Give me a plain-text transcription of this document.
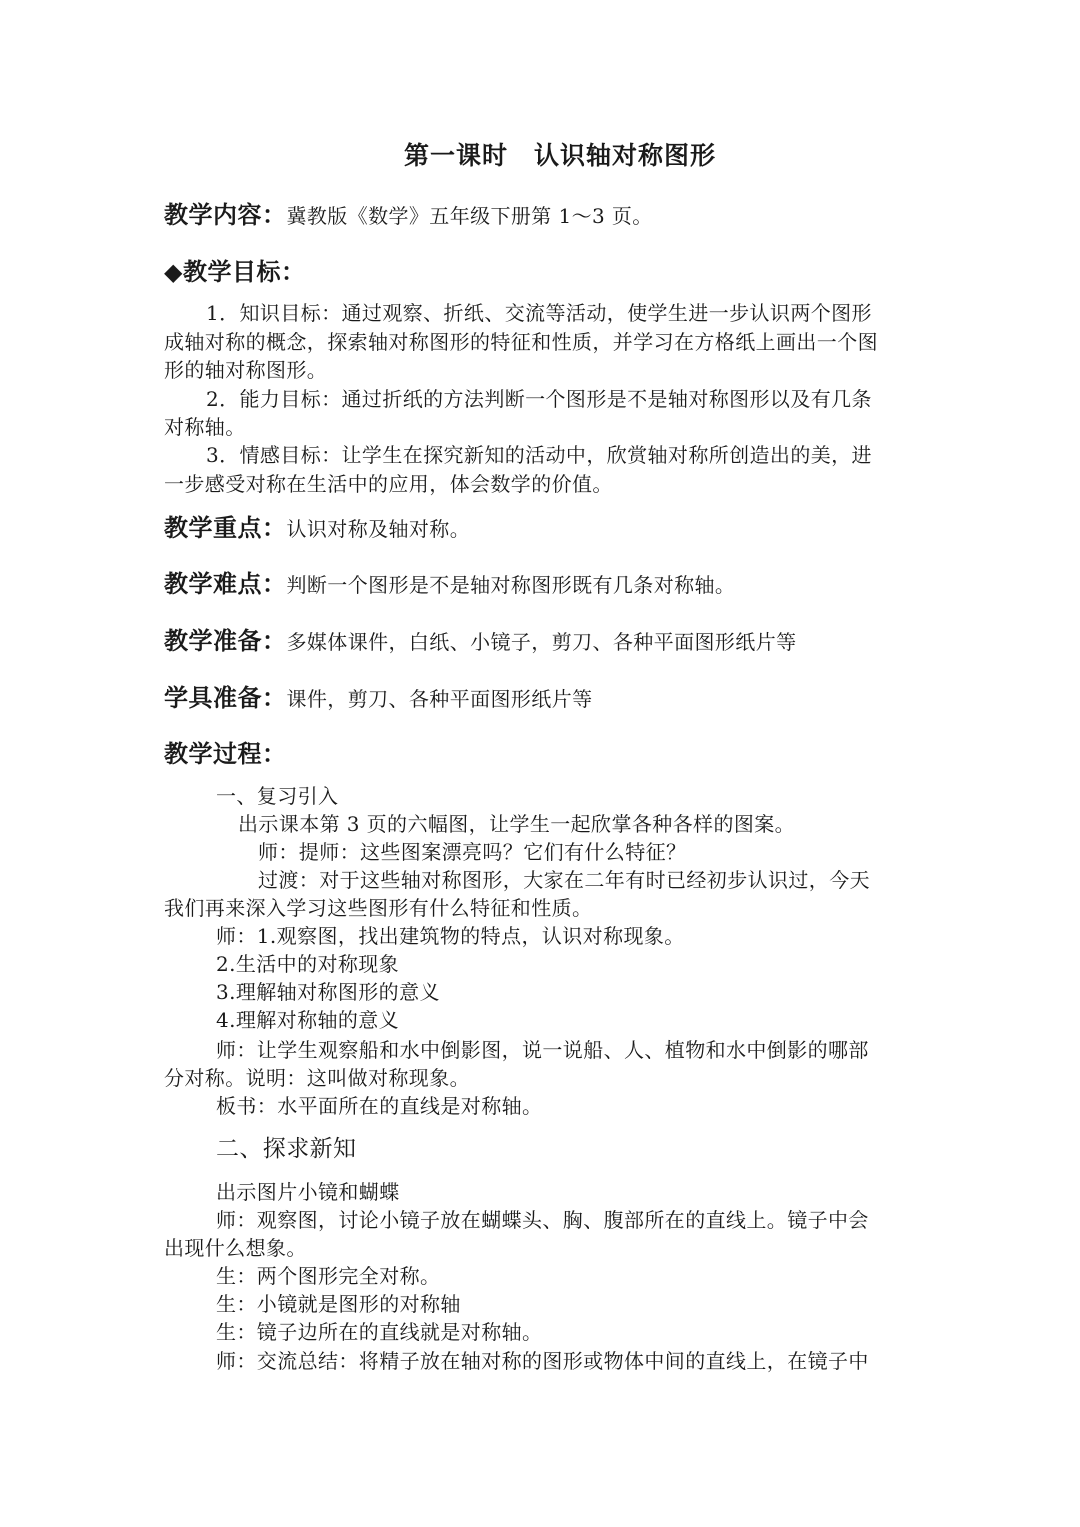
第一课时 认识轴对称图形
教学内容：冀教版《数学》五年级下册第 1～3 页。
◆教学目标：
1．知识目标：通过观察、折纸、交流等活动，使学生进一步认识两个图形
成轴对称的概念，探索轴对称图形的特征和性质，并学习在方格纸上画出一个图
形的轴对称图形。
2．能力目标：通过折纸的方法判断一个图形是不是轴对称图形以及有几条
对称轴。
3．情感目标：让学生在探究新知的活动中，欣赏轴对称所创造出的美，进
一步感受对称在生活中的应用，体会数学的价值。
教学重点：认识对称及轴对称。
教学难点：判断一个图形是不是轴对称图形既有几条对称轴。
教学准备：多媒体课件，白纸、小镜子，剪刀、各种平面图形纸片等
学具准备：课件，剪刀、各种平面图形纸片等
教学过程：
一、复习引入
出示课本第 3 页的六幅图，让学生一起欣掌各种各样的图案。
师：提师：这些图案漂亮吗？它们有什么特征？
过渡：对于这些轴对称图形，大家在二年有时已经初步认识过，今天
我们再来深入学习这些图形有什么特征和性质。
师：1.观察图，找出建筑物的特点，认识对称现象。
2.生活中的对称现象
3.理解轴对称图形的意义
4.理解对称轴的意义
师：让学生观察船和水中倒影图，说一说船、人、植物和水中倒影的哪部
分对称。说明：这叫做对称现象。
板书：水平面所在的直线是对称轴。
二、探求新知
出示图片小镜和蝴蝶
师：观察图，讨论小镜子放在蝴蝶头、胸、腹部所在的直线上。镜子中会
出现什么想象。
生：两个图形完全对称。
生：小镜就是图形的对称轴
生：镜子边所在的直线就是对称轴。
师：交流总结：将精子放在轴对称的图形或物体中间的直线上，在镜子中
